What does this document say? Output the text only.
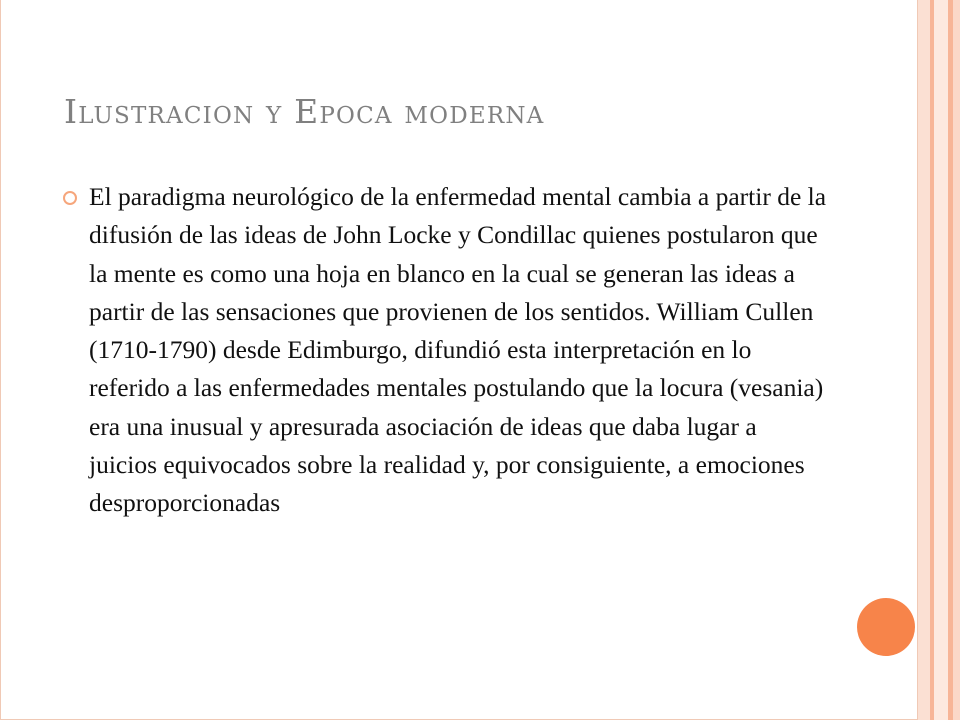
Ilustracion y Epoca moderna
El paradigma neurológico de la enfermedad mental cambia a partir de la difusión de las ideas de John Locke y Condillac quienes postularon que la mente es como una hoja en blanco en la cual se generan las ideas a partir de las sensaciones que provienen de los sentidos. William Cullen (1710-1790) desde Edimburgo, difundió esta interpretación en lo referido a las enfermedades mentales postulando que la locura (vesania) era una inusual y apresurada asociación de ideas que daba lugar a juicios equivocados sobre la realidad y, por consiguiente, a emociones desproporcionadas
